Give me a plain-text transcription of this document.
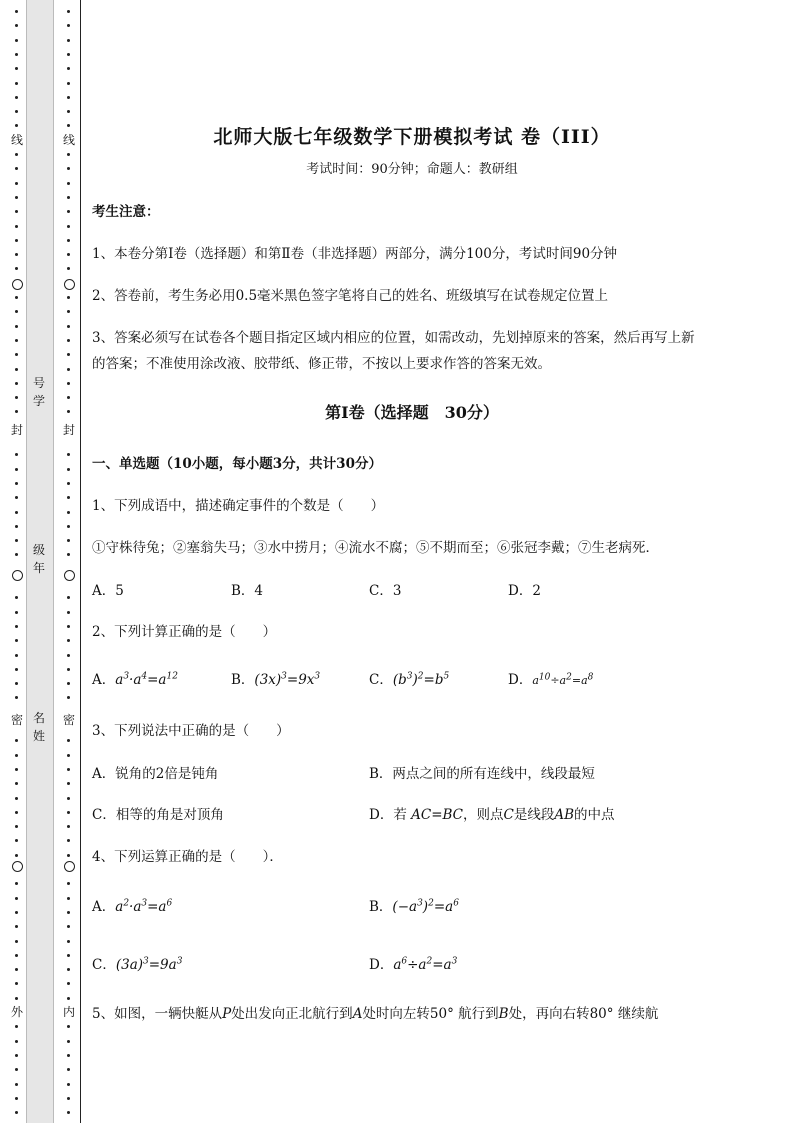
线
封
密
外
号
学
级
年
名
姓
线
封
密
内
北师大版七年级数学下册模拟考试 卷（III）
考试时间：90分钟；命题人：教研组
考生注意：
1、本卷分第I卷（选择题）和第Ⅱ卷（非选择题）两部分，满分100分，考试时间90分钟
2、答卷前，考生务必用0.5毫米黑色签字笔将自己的姓名、班级填写在试卷规定位置上
3、答案必须写在试卷各个题目指定区域内相应的位置，如需改动，先划掉原来的答案，然后再写上新
的答案；不准使用涂改液、胶带纸、修正带，不按以上要求作答的答案无效。
第I卷（选择题　30分）
一、单选题（10小题，每小题3分，共计30分）
1、下列成语中，描述确定事件的个数是（　　）
①守株待兔；②塞翁失马；③水中捞月；④流水不腐；⑤不期而至；⑥张冠李戴；⑦生老病死．
A．5	B．4	C．3	D．2
2、下列计算正确的是（　　）
A．$a^3\cdot a^4=a^{12}$	B．$(3x)^3=9x^3$	C．$(b^3)^2=b^5$	D．$a^{10}\div a^2=a^8$
3、下列说法中正确的是（　　）
A．锐角的2倍是钝角	B．两点之间的所有连线中，线段最短
C．相等的角是对顶角	D．若 AC=BC，则点C是线段AB的中点
4、下列运算正确的是（　　）．
A．$a^2\cdot a^3=a^6$	B．$(-a^3)^2=a^6$
C．$(3a)^3=9a^3$	D．$a^6\div a^2=a^3$
5、如图，一辆快艇从P处出发向正北航行到A处时向左转50° 航行到B处，再向右转80° 继续航
